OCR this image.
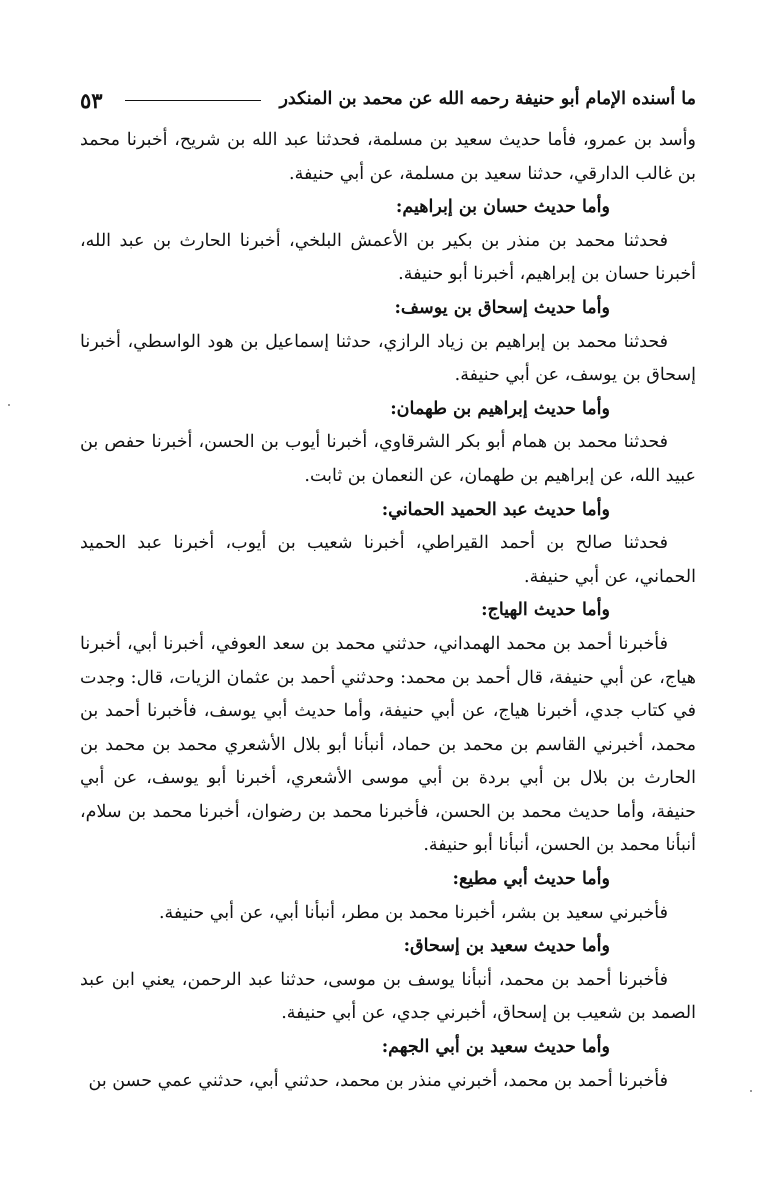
ما أسنده الإمام أبو حنيفة رحمه الله عن محمد بن المنكدر
٥٣

وأسد بن عمرو، فأما حديث سعيد بن مسلمة، فحدثنا عبد الله بن شريح، أخبرنا محمد بن غالب الدارقي، حدثنا سعيد بن مسلمة، عن أبي حنيفة.

وأما حديث حسان بن إبراهيم:

فحدثنا محمد بن منذر بن بكير بن الأعمش البلخي، أخبرنا الحارث بن عبد الله، أخبرنا حسان بن إبراهيم، أخبرنا أبو حنيفة.

وأما حديث إسحاق بن يوسف:

فحدثنا محمد بن إبراهيم بن زياد الرازي، حدثنا إسماعيل بن هود الواسطي، أخبرنا إسحاق بن يوسف، عن أبي حنيفة.

وأما حديث إبراهيم بن طهمان:

فحدثنا محمد بن همام أبو بكر الشرقاوي، أخبرنا أيوب بن الحسن، أخبرنا حفص بن عبيد الله، عن إبراهيم بن طهمان، عن النعمان بن ثابت.

وأما حديث عبد الحميد الحماني:

فحدثنا صالح بن أحمد القيراطي، أخبرنا شعيب بن أيوب، أخبرنا عبد الحميد الحماني، عن أبي حنيفة.

وأما حديث الهياج:

فأخبرنا أحمد بن محمد الهمداني، حدثني محمد بن سعد العوفي، أخبرنا أبي، أخبرنا هياج، عن أبي حنيفة، قال أحمد بن محمد: وحدثني أحمد بن عثمان الزيات، قال: وجدت في كتاب جدي، أخبرنا هياج، عن أبي حنيفة، وأما حديث أبي يوسف، فأخبرنا أحمد بن محمد، أخبرني القاسم بن محمد بن حماد، أنبأنا أبو بلال الأشعري محمد بن محمد بن الحارث بن بلال بن أبي بردة بن أبي موسى الأشعري، أخبرنا أبو يوسف، عن أبي حنيفة، وأما حديث محمد بن الحسن، فأخبرنا محمد بن رضوان، أخبرنا محمد بن سلام، أنبأنا محمد بن الحسن، أنبأنا أبو حنيفة.

وأما حديث أبي مطيع:

فأخبرني سعيد بن بشر، أخبرنا محمد بن مطر، أنبأنا أبي، عن أبي حنيفة.

وأما حديث سعيد بن إسحاق:

فأخبرنا أحمد بن محمد، أنبأنا يوسف بن موسى، حدثنا عبد الرحمن، يعني ابن عبد الصمد بن شعيب بن إسحاق، أخبرني جدي، عن أبي حنيفة.

وأما حديث سعيد بن أبي الجهم:

فأخبرنا أحمد بن محمد، أخبرني منذر بن محمد، حدثني أبي، حدثني عمي حسن بن
